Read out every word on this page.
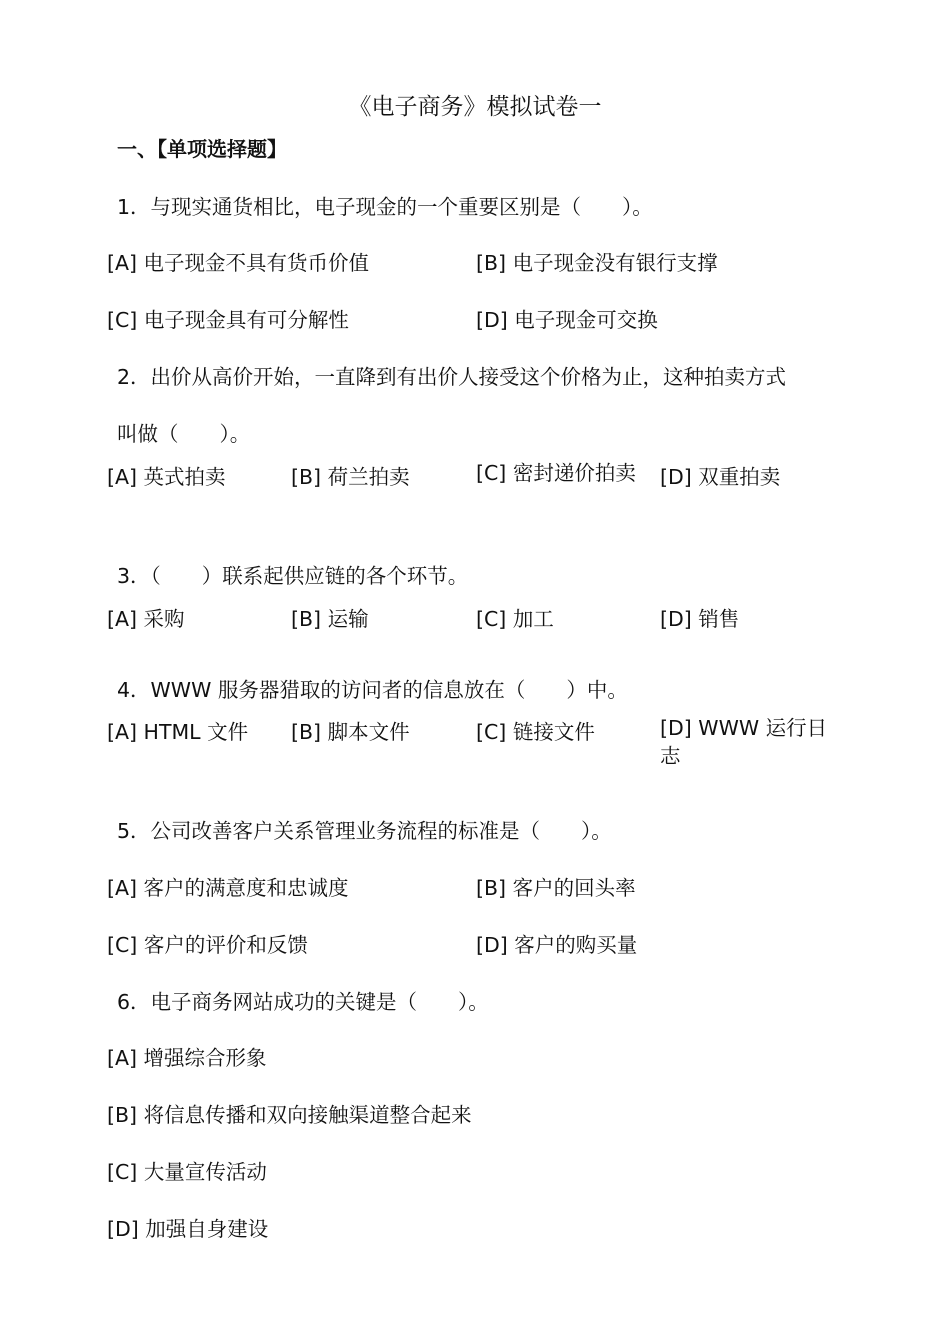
《电子商务》模拟试卷一
一、【单项选择题】
1．与现实通货相比，电子现金的一个重要区别是（　　）。
[A] 电子现金不具有货币价值	[B] 电子现金没有银行支撑
[C] 电子现金具有可分解性	[D] 电子现金可交换
2．出价从高价开始，一直降到有出价人接受这个价格为止，这种拍卖方式
叫做（　　）。
[A] 英式拍卖	[B] 荷兰拍卖	[C] 密封递价拍卖 [D] 双重拍卖
3．（　　）联系起供应链的各个环节。
[A] 采购	[B] 运输	[C] 加工	[D] 销售
4．WWW 服务器猎取的访问者的信息放在（　　）中。
[A] HTML 文件 [B] 脚本文件	[C] 链接文件	[D] WWW 运行日志
5．公司改善客户关系管理业务流程的标准是（　　）。
[A] 客户的满意度和忠诚度	[B] 客户的回头率
[C] 客户的评价和反馈	[D] 客户的购买量
6．电子商务网站成功的关键是（　　）。
[A] 增强综合形象
[B] 将信息传播和双向接触渠道整合起来
[C] 大量宣传活动
[D] 加强自身建设
